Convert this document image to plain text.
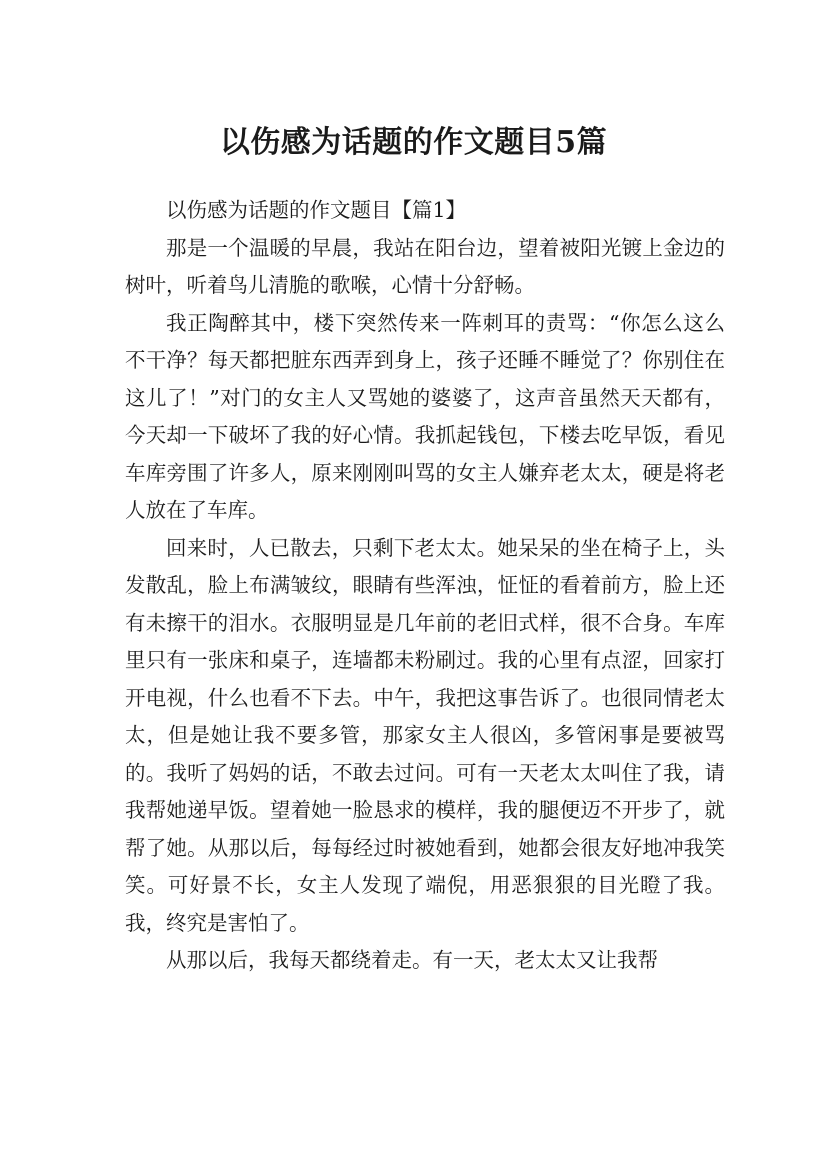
以伤感为话题的作文题目5篇
以伤感为话题的作文题目【篇1】

那是一个温暖的早晨，我站在阳台边，望着被阳光镀上金边的树叶，听着鸟儿清脆的歌喉，心情十分舒畅。

我正陶醉其中，楼下突然传来一阵刺耳的责骂：“你怎么这么不干净？每天都把脏东西弄到身上，孩子还睡不睡觉了？你别住在这儿了！”对门的女主人又骂她的婆婆了，这声音虽然天天都有，今天却一下破坏了我的好心情。我抓起钱包，下楼去吃早饭，看见车库旁围了许多人，原来刚刚叫骂的女主人嫌弃老太太，硬是将老人放在了车库。

回来时，人已散去，只剩下老太太。她呆呆的坐在椅子上，头发散乱，脸上布满皱纹，眼睛有些浑浊，怔怔的看着前方，脸上还有未擦干的泪水。衣服明显是几年前的老旧式样，很不合身。车库里只有一张床和桌子，连墙都未粉刷过。我的心里有点涩，回家打开电视，什么也看不下去。中午，我把这事告诉了。也很同情老太太，但是她让我不要多管，那家女主人很凶，多管闲事是要被骂的。我听了妈妈的话，不敢去过问。可有一天老太太叫住了我，请我帮她递早饭。望着她一脸恳求的模样，我的腿便迈不开步了，就帮了她。从那以后，每每经过时被她看到，她都会很友好地冲我笑笑。可好景不长，女主人发现了端倪，用恶狠狠的目光瞪了我。我，终究是害怕了。

从那以后，我每天都绕着走。有一天，老太太又让我帮
